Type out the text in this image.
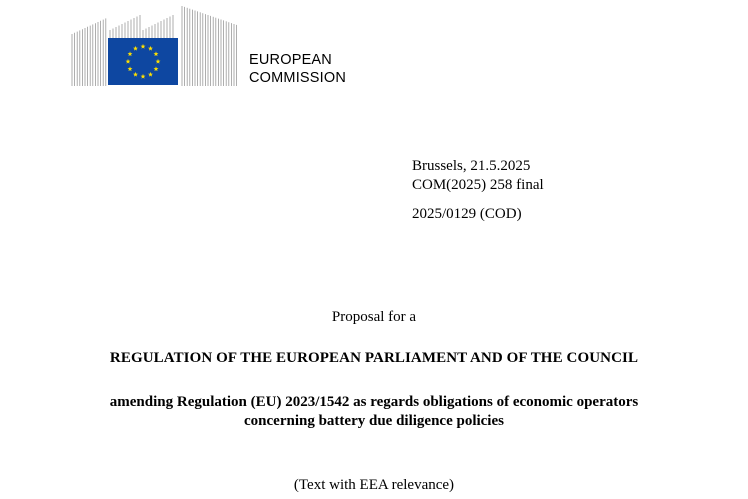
EUROPEAN
COMMISSION
Brussels, 21.5.2025
COM(2025) 258 final
2025/0129 (COD)
Proposal for a
REGULATION OF THE EUROPEAN PARLIAMENT AND OF THE COUNCIL
amending Regulation (EU) 2023/1542 as regards obligations of economic operators
concerning battery due diligence policies
(Text with EEA relevance)
